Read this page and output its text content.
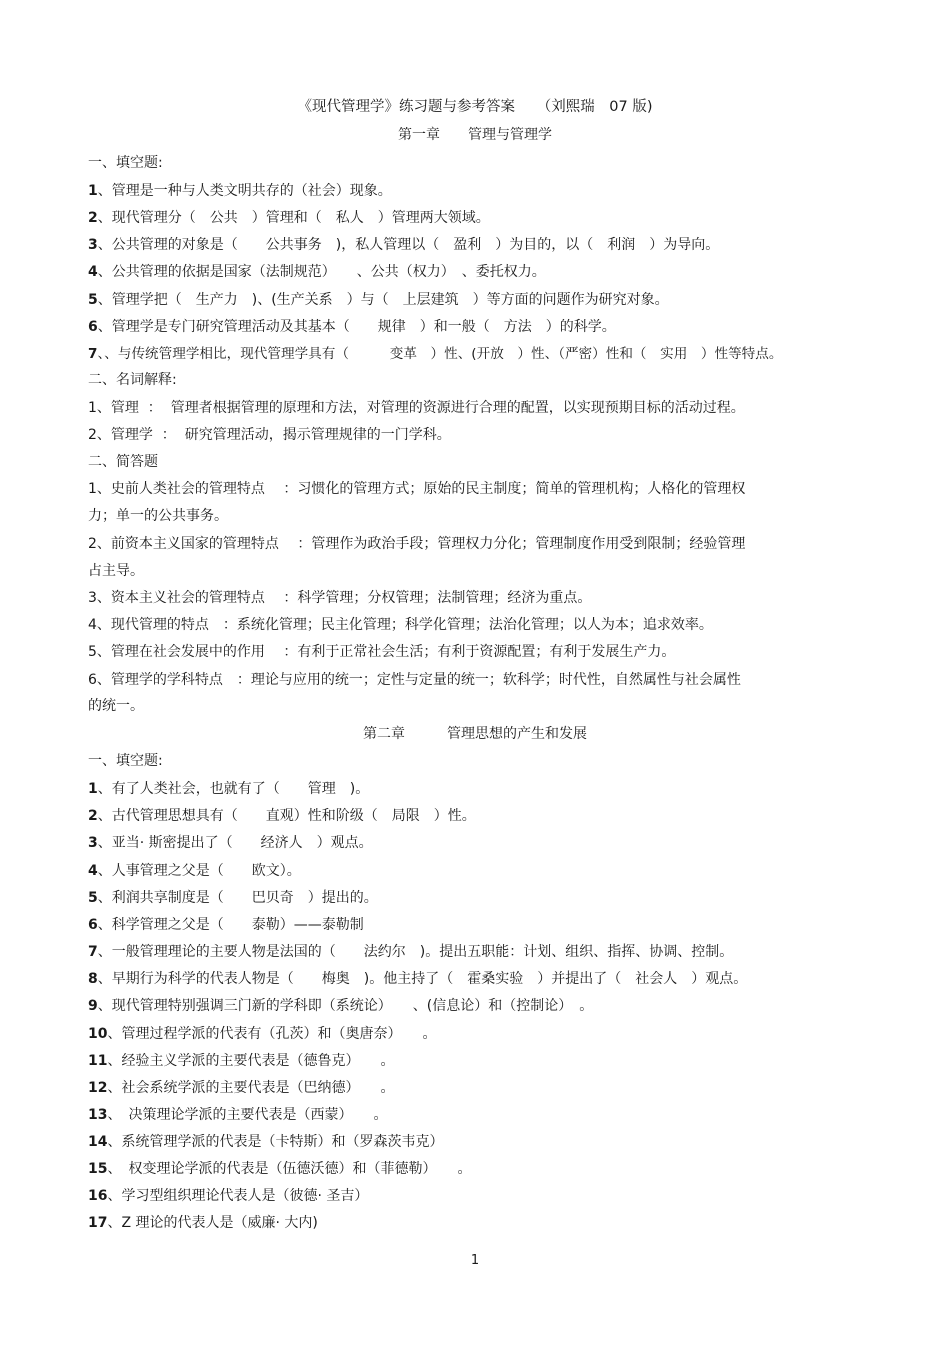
《现代管理学》练习题与参考答案　　（刘熙瑞　07 版)
第一章　　管理与管理学
一、填空题:
1、管理是一种与人类文明共存的（社会）现象。
2、现代管理分（　公共　）管理和（　私人　）管理两大领域。
3、公共管理的对象是（　　公共事务　)，私人管理以（　盈利　）为目的，以（　利润　）为导向。
4、公共管理的依据是国家（法制规范）　　、公共（权力）　、委托权力。
5、管理学把（　生产力　)、(生产关系　）与（　上层建筑　）等方面的问题作为研究对象。
6、管理学是专门研究管理活动及其基本（　　规律　）和一般（　方法　）的科学。
7、、与传统管理学相比，现代管理学具有（　　　变革　）性、(开放　）性、（严密）性和（　实用　）性等特点。
二、名词解释:
1、管理  ：  管理者根据管理的原理和方法，对管理的资源进行合理的配置，以实现预期目标的活动过程。
2、管理学  ：  研究管理活动，揭示管理规律的一门学科。
二、简答题
1、史前人类社会的管理特点　 ：习惯化的管理方式；原始的民主制度；简单的管理机构；人格化的管理权
力；单一的公共事务。
2、前资本主义国家的管理特点　 ：管理作为政治手段；管理权力分化；管理制度作用受到限制；经验管理
占主导。
3、资本主义社会的管理特点　 ：科学管理；分权管理；法制管理；经济为重点。
4、现代管理的特点　：系统化管理；民主化管理；科学化管理；法治化管理；以人为本；追求效率。
5、管理在社会发展中的作用　 ：有利于正常社会生活；有利于资源配置；有利于发展生产力。
6、管理学的学科特点　：理论与应用的统一；定性与定量的统一；软科学；时代性，自然属性与社会属性
的统一。
第二章　　　管理思想的产生和发展
一、填空题:
1、有了人类社会，也就有了（　　管理　)。
2、古代管理思想具有（　　直观）性和阶级（　局限　）性。
3、亚当· 斯密提出了（　　经济人　）观点。
4、人事管理之父是（　　欧文）。
5、利润共享制度是（　　巴贝奇　）提出的。
6、科学管理之父是（　　泰勒）——泰勒制
7、一般管理理论的主要人物是法国的（　　法约尔　)。提出五职能：计划、组织、指挥、协调、控制。
8、早期行为科学的代表人物是（　　梅奥　)。他主持了（　霍桑实验　）并提出了（　社会人　）观点。
9、现代管理特别强调三门新的学科即（系统论）　　、(信息论）和（控制论）　。
10、管理过程学派的代表有（孔茨）和（奥唐奈）　　。
11、经验主义学派的主要代表是（德鲁克）　　。
12、社会系统学派的主要代表是（巴纳德）　　。
13、　决策理论学派的主要代表是（西蒙）　　。
14、系统管理学派的代表是（卡特斯）和（罗森茨韦克）
15、　权变理论学派的代表是（伍德沃德）和（菲德勒）　　。
16、学习型组织理论代表人是（彼德· 圣吉）
17、Z 理论的代表人是（威廉· 大内)
1
